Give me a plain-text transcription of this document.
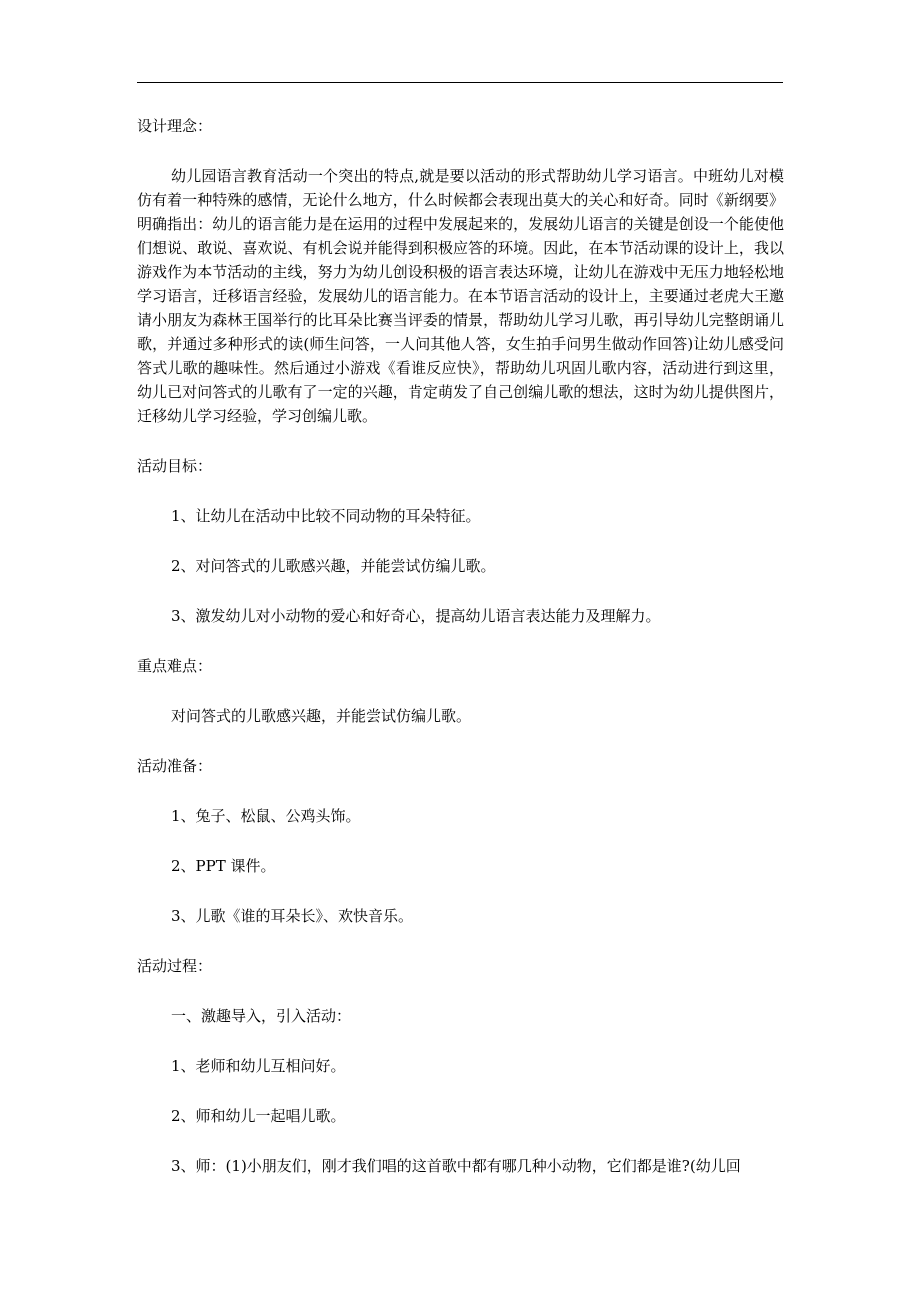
设计理念：

幼儿园语言教育活动一个突出的特点,就是要以活动的形式帮助幼儿学习语言。中班幼儿对模仿有着一种特殊的感情，无论什么地方，什么时候都会表现出莫大的关心和好奇。同时《新纲要》明确指出：幼儿的语言能力是在运用的过程中发展起来的，发展幼儿语言的关键是创设一个能使他们想说、敢说、喜欢说、有机会说并能得到积极应答的环境。因此，在本节活动课的设计上，我以游戏作为本节活动的主线，努力为幼儿创设积极的语言表达环境，让幼儿在游戏中无压力地轻松地学习语言，迁移语言经验，发展幼儿的语言能力。在本节语言活动的设计上，主要通过老虎大王邀请小朋友为森林王国举行的比耳朵比赛当评委的情景，帮助幼儿学习儿歌，再引导幼儿完整朗诵儿歌，并通过多种形式的读(师生问答，一人问其他人答，女生拍手问男生做动作回答)让幼儿感受问答式儿歌的趣味性。然后通过小游戏《看谁反应快》，帮助幼儿巩固儿歌内容，活动进行到这里，幼儿已对问答式的儿歌有了一定的兴趣，肯定萌发了自己创编儿歌的想法，这时为幼儿提供图片，迁移幼儿学习经验，学习创编儿歌。

活动目标：

1、让幼儿在活动中比较不同动物的耳朵特征。

2、对问答式的儿歌感兴趣，并能尝试仿编儿歌。

3、激发幼儿对小动物的爱心和好奇心，提高幼儿语言表达能力及理解力。

重点难点：

对问答式的儿歌感兴趣，并能尝试仿编儿歌。

活动准备：

1、兔子、松鼠、公鸡头饰。

2、PPT 课件。

3、儿歌《谁的耳朵长》、欢快音乐。

活动过程：

一、激趣导入，引入活动：

1、老师和幼儿互相问好。

2、师和幼儿一起唱儿歌。

3、师：(1)小朋友们，刚才我们唱的这首歌中都有哪几种小动物，它们都是谁?(幼儿回
